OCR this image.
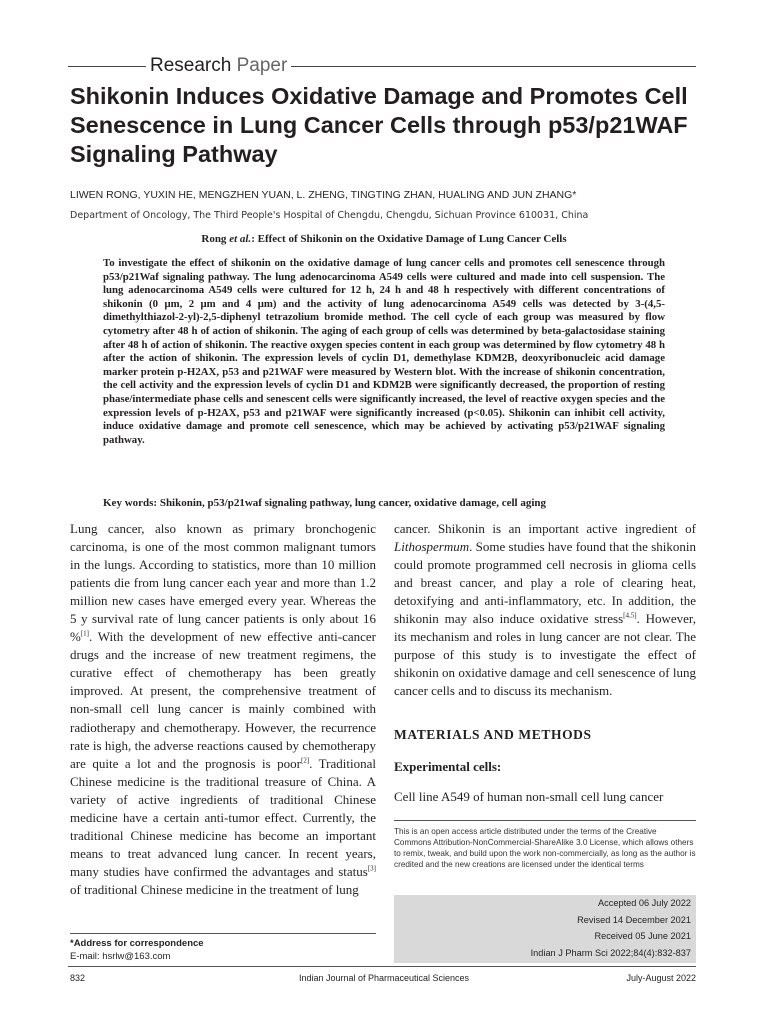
Research Paper
Shikonin Induces Oxidative Damage and Promotes Cell Senescence in Lung Cancer Cells through p53/p21WAF Signaling Pathway
LIWEN RONG, YUXIN HE, MENGZHEN YUAN, L. ZHENG, TINGTING ZHAN, HUALING AND JUN ZHANG*
Department of Oncology, The Third People's Hospital of Chengdu, Chengdu, Sichuan Province 610031, China
Rong et al.: Effect of Shikonin on the Oxidative Damage of Lung Cancer Cells

To investigate the effect of shikonin on the oxidative damage of lung cancer cells and promotes cell senescence through p53/p21Waf signaling pathway. The lung adenocarcinoma A549 cells were cultured and made into cell suspension. The lung adenocarcinoma A549 cells were cultured for 12 h, 24 h and 48 h respectively with different concentrations of shikonin (0 μm, 2 μm and 4 μm) and the activity of lung adenocarcinoma A549 cells was detected by 3-(4,5-dimethylthiazol-2-yl)-2,5-diphenyl tetrazolium bromide method. The cell cycle of each group was measured by flow cytometry after 48 h of action of shikonin. The aging of each group of cells was determined by beta-galactosidase staining after 48 h of action of shikonin. The reactive oxygen species content in each group was determined by flow cytometry 48 h after the action of shikonin. The expression levels of cyclin D1, demethylase KDM2B, deoxyribonucleic acid damage marker protein p-H2AX, p53 and p21WAF were measured by Western blot. With the increase of shikonin concentration, the cell activity and the expression levels of cyclin D1 and KDM2B were significantly decreased, the proportion of resting phase/intermediate phase cells and senescent cells were significantly increased, the level of reactive oxygen species and the expression levels of p-H2AX, p53 and p21WAF were significantly increased (p<0.05). Shikonin can inhibit cell activity, induce oxidative damage and promote cell senescence, which may be achieved by activating p53/p21WAF signaling pathway.

Key words: Shikonin, p53/p21waf signaling pathway, lung cancer, oxidative damage, cell aging

Lung cancer, also known as primary bronchogenic carcinoma, is one of the most common malignant tumors in the lungs. According to statistics, more than 10 million patients die from lung cancer each year and more than 1.2 million new cases have emerged every year. Whereas the 5 y survival rate of lung cancer patients is only about 16 %[1]. With the development of new effective anti-cancer drugs and the increase of new treatment regimens, the curative effect of chemotherapy has been greatly improved. At present, the comprehensive treatment of non-small cell lung cancer is mainly combined with radiotherapy and chemotherapy. However, the recurrence rate is high, the adverse reactions caused by chemotherapy are quite a lot and the prognosis is poor[2]. Traditional Chinese medicine is the traditional treasure of China. A variety of active ingredients of traditional Chinese medicine have a certain anti-tumor effect. Currently, the traditional Chinese medicine has become an important means to treat advanced lung cancer. In recent years, many studies have confirmed the advantages and status[3] of traditional Chinese medicine in the treatment of lung

cancer. Shikonin is an important active ingredient of Lithospermum. Some studies have found that the shikonin could promote programmed cell necrosis in glioma cells and breast cancer, and play a role of clearing heat, detoxifying and anti-inflammatory, etc. In addition, the shikonin may also induce oxidative stress[4,5]. However, its mechanism and roles in lung cancer are not clear. The purpose of this study is to investigate the effect of shikonin on oxidative damage and cell senescence of lung cancer cells and to discuss its mechanism.

MATERIALS AND METHODS
Experimental cells:
Cell line A549 of human non-small cell lung cancer
This is an open access article distributed under the terms of the Creative Commons Attribution-NonCommercial-ShareAlike 3.0 License, which allows others to remix, tweak, and build upon the work non-commercially, as long as the author is credited and the new creations are licensed under the identical terms
Accepted 06 July 2022
Revised 14 December 2021
Received 05 June 2021
Indian J Pharm Sci 2022;84(4):832-837
*Address for correspondence
E-mail: hsrlw@163.com
832	Indian Journal of Pharmaceutical Sciences	July-August 2022
